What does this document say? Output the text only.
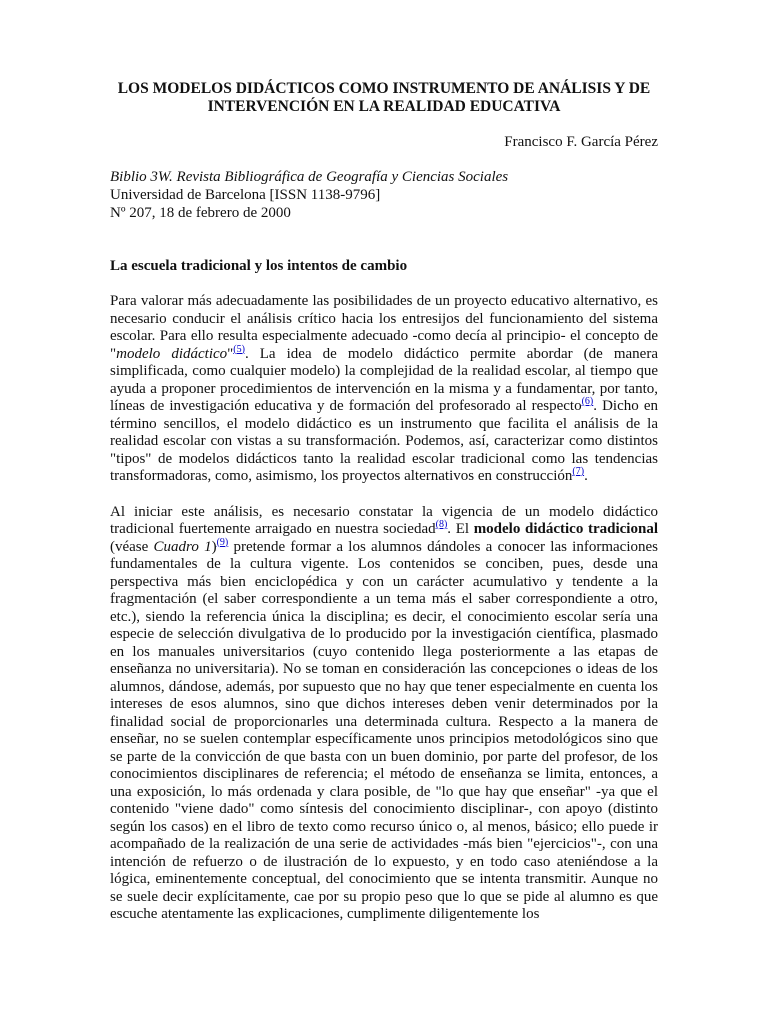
LOS MODELOS DIDÁCTICOS COMO INSTRUMENTO DE ANÁLISIS Y DE
INTERVENCIÓN EN LA REALIDAD EDUCATIVA
Francisco F. García Pérez
Biblio 3W. Revista Bibliográfica de Geografía y Ciencias Sociales
Universidad de Barcelona [ISSN 1138-9796]
Nº 207, 18 de febrero de 2000
La escuela tradicional y los intentos de cambio

Para valorar más adecuadamente las posibilidades de un proyecto educativo alternativo, es necesario conducir el análisis crítico hacia los entresijos del funcionamiento del sistema escolar. Para ello resulta especialmente adecuado -como decía al principio- el concepto de "modelo didáctico"$^{(5)}$. La idea de modelo didáctico permite abordar (de manera simplificada, como cualquier modelo) la complejidad de la realidad escolar, al tiempo que ayuda a proponer procedimientos de intervención en la misma y a fundamentar, por tanto, líneas de investigación educativa y de formación del profesorado al respecto$^{(6)}$. Dicho en término sencillos, el modelo didáctico es un instrumento que facilita el análisis de la realidad escolar con vistas a su transformación. Podemos, así, caracterizar como distintos "tipos" de modelos didácticos tanto la realidad escolar tradicional como las tendencias transformadoras, como, asimismo, los proyectos alternativos en construcción$^{(7)}$.

Al iniciar este análisis, es necesario constatar la vigencia de un modelo didáctico tradicional fuertemente arraigado en nuestra sociedad$^{(8)}$. El modelo didáctico tradicional (véase Cuadro 1)$^{(9)}$ pretende formar a los alumnos dándoles a conocer las informaciones fundamentales de la cultura vigente. Los contenidos se conciben, pues, desde una perspectiva más bien enciclopédica y con un carácter acumulativo y tendente a la fragmentación (el saber correspondiente a un tema más el saber correspondiente a otro, etc.), siendo la referencia única la disciplina; es decir, el conocimiento escolar sería una especie de selección divulgativa de lo producido por la investigación científica, plasmado en los manuales universitarios (cuyo contenido llega posteriormente a las etapas de enseñanza no universitaria). No se toman en consideración las concepciones o ideas de los alumnos, dándose, además, por supuesto que no hay que tener especialmente en cuenta los intereses de esos alumnos, sino que dichos intereses deben venir determinados por la finalidad social de proporcionarles una determinada cultura. Respecto a la manera de enseñar, no se suelen contemplar específicamente unos principios metodológicos sino que se parte de la convicción de que basta con un buen dominio, por parte del profesor, de los conocimientos disciplinares de referencia; el método de enseñanza se limita, entonces, a una exposición, lo más ordenada y clara posible, de "lo que hay que enseñar" -ya que el contenido "viene dado" como síntesis del conocimiento disciplinar-, con apoyo (distinto según los casos) en el libro de texto como recurso único o, al menos, básico; ello puede ir acompañado de la realización de una serie de actividades -más bien "ejercicios"-, con una intención de refuerzo o de ilustración de lo expuesto, y en todo caso ateniéndose a la lógica, eminentemente conceptual, del conocimiento que se intenta transmitir. Aunque no se suele decir explícitamente, cae por su propio peso que lo que se pide al alumno es que escuche atentamente las explicaciones, cumplimente diligentemente los
